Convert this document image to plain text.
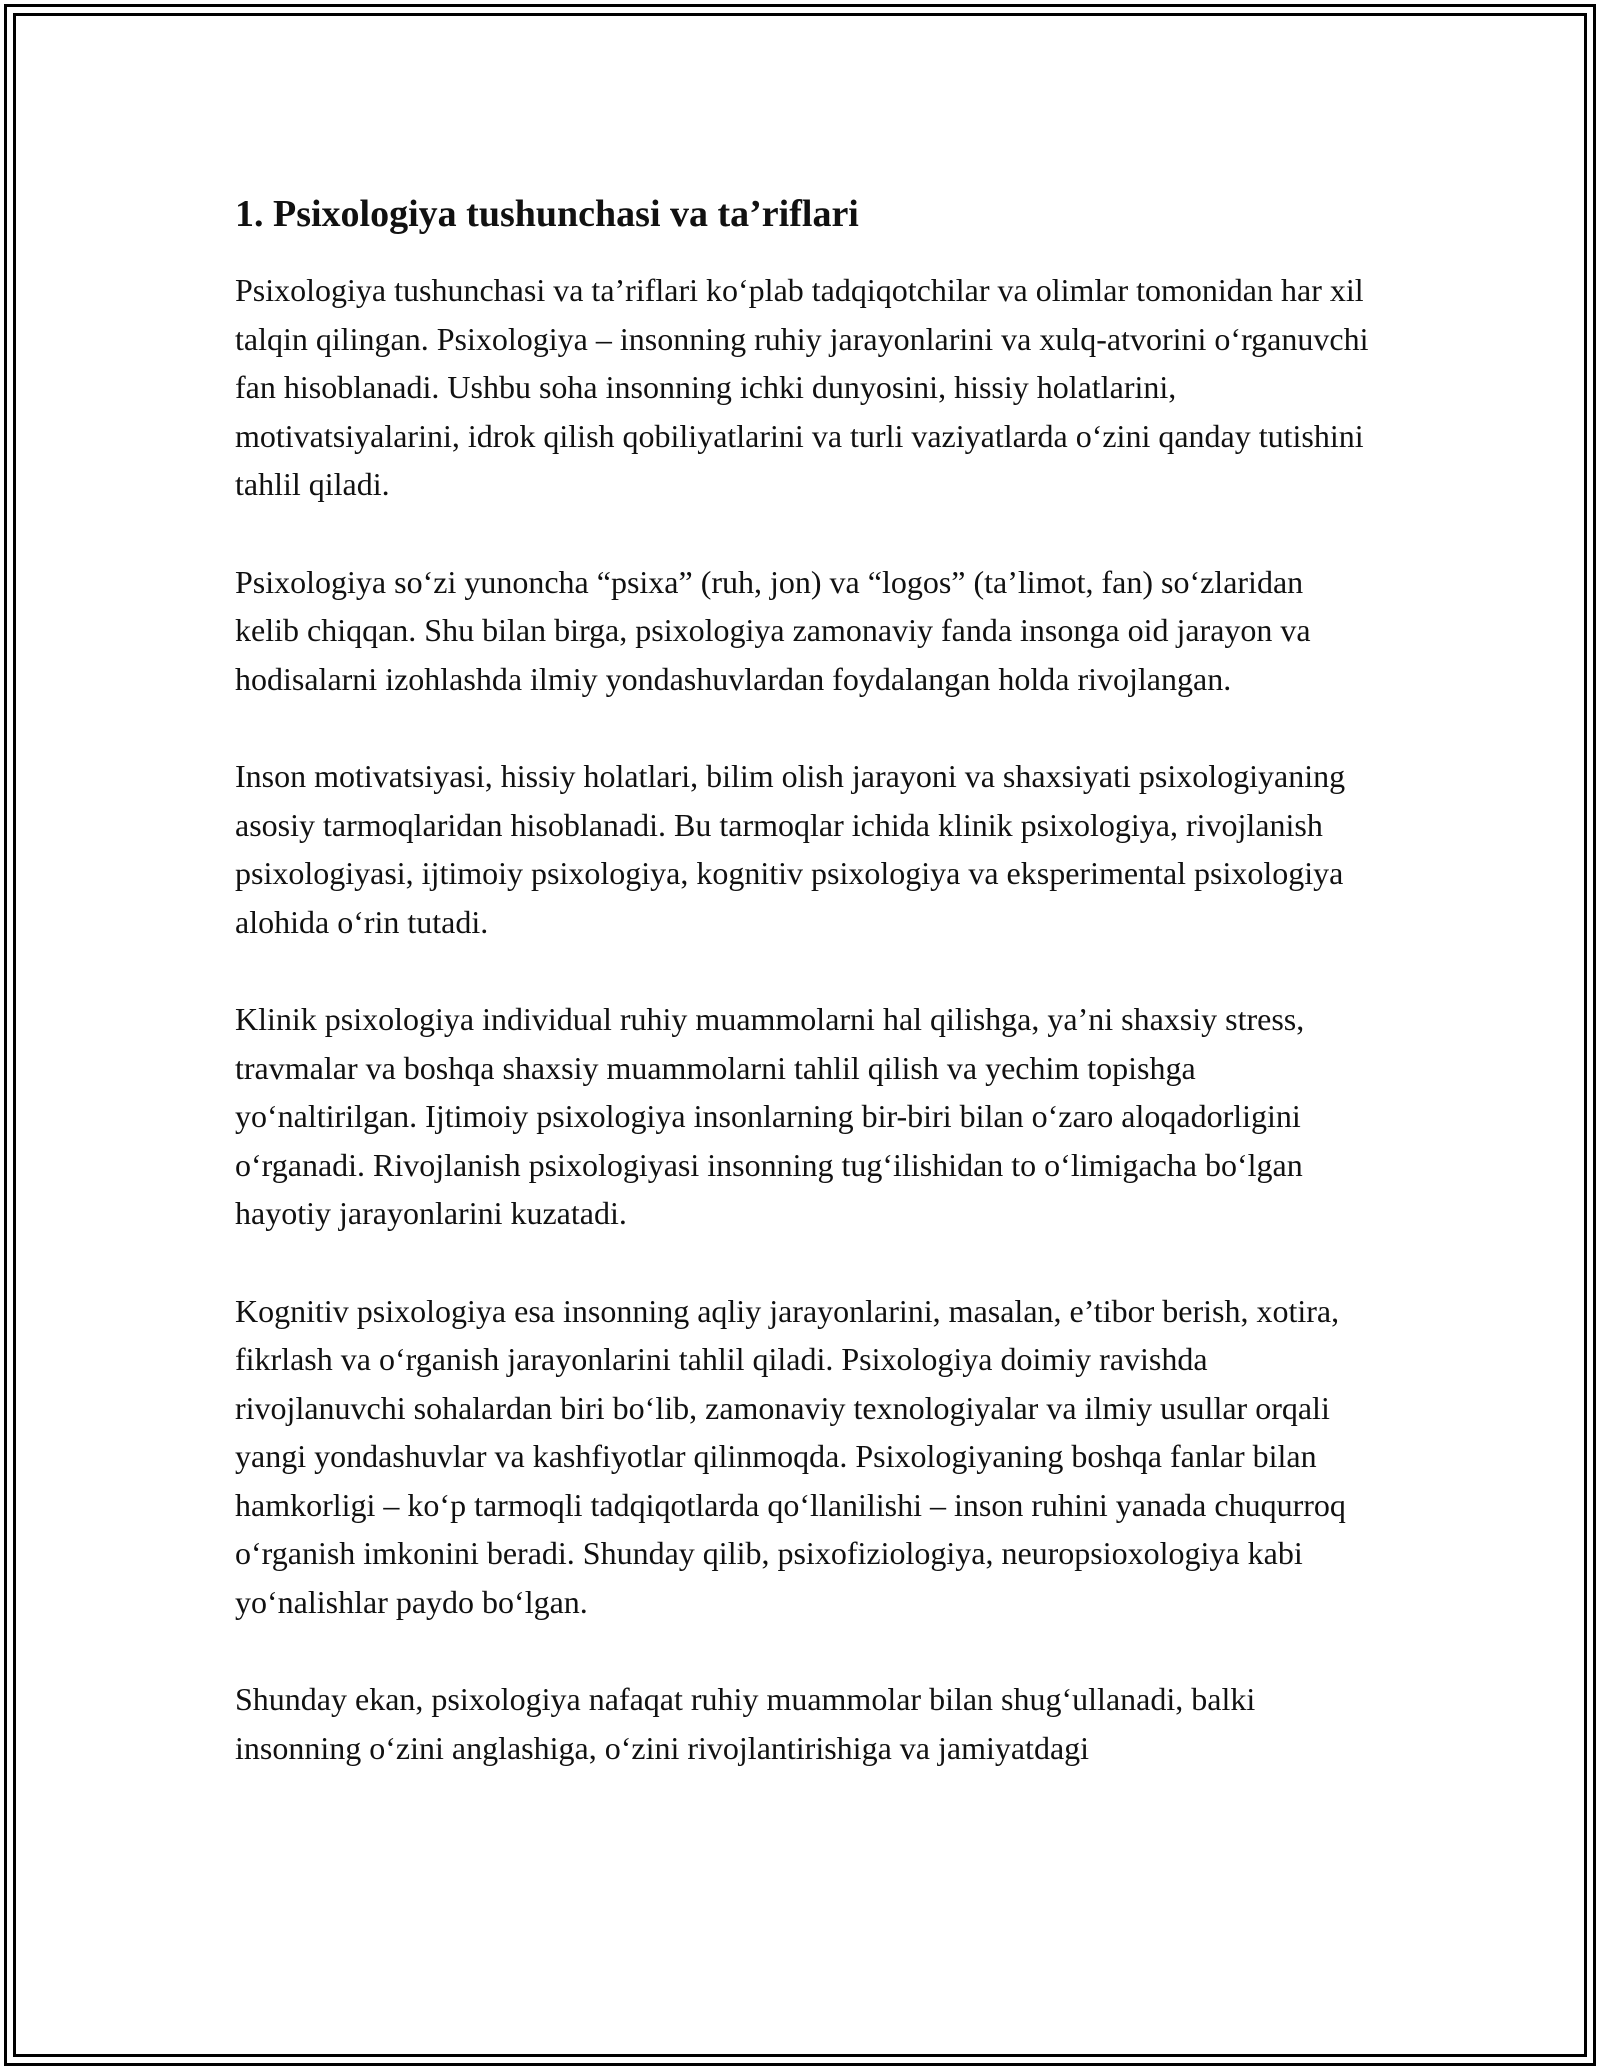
1. Psixologiya tushunchasi va ta’riflari

Psixologiya tushunchasi va ta’riflari ko‘plab tadqiqotchilar va olimlar tomonidan har xil talqin qilingan. Psixologiya – insonning ruhiy jarayonlarini va xulq-atvorini o‘rganuvchi fan hisoblanadi. Ushbu soha insonning ichki dunyosini, hissiy holatlarini, motivatsiyalarini, idrok qilish qobiliyatlarini va turli vaziyatlarda o‘zini qanday tutishini tahlil qiladi.

Psixologiya so‘zi yunoncha “psixa” (ruh, jon) va “logos” (ta’limot, fan) so‘zlaridan kelib chiqqan. Shu bilan birga, psixologiya zamonaviy fanda insonga oid jarayon va hodisalarni izohlashda ilmiy yondashuvlardan foydalangan holda rivojlangan.

Inson motivatsiyasi, hissiy holatlari, bilim olish jarayoni va shaxsiyati psixologiyaning asosiy tarmoqlaridan hisoblanadi. Bu tarmoqlar ichida klinik psixologiya, rivojlanish psixologiyasi, ijtimoiy psixologiya, kognitiv psixologiya va eksperimental psixologiya alohida o‘rin tutadi.

Klinik psixologiya individual ruhiy muammolarni hal qilishga, ya’ni shaxsiy stress, travmalar va boshqa shaxsiy muammolarni tahlil qilish va yechim topishga yo‘naltirilgan. Ijtimoiy psixologiya insonlarning bir-biri bilan o‘zaro aloqadorligini o‘rganadi. Rivojlanish psixologiyasi insonning tug‘ilishidan to o‘limigacha bo‘lgan hayotiy jarayonlarini kuzatadi.

Kognitiv psixologiya esa insonning aqliy jarayonlarini, masalan, e’tibor berish, xotira, fikrlash va o‘rganish jarayonlarini tahlil qiladi. Psixologiya doimiy ravishda rivojlanuvchi sohalardan biri bo‘lib, zamonaviy texnologiyalar va ilmiy usullar orqali yangi yondashuvlar va kashfiyotlar qilinmoqda. Psixologiyaning boshqa fanlar bilan hamkorligi – ko‘p tarmoqli tadqiqotlarda qo‘llanilishi – inson ruhini yanada chuqurroq o‘rganish imkonini beradi. Shunday qilib, psixofiziologiya, neuropsioxologiya kabi yo‘nalishlar paydo bo‘lgan.

Shunday ekan, psixologiya nafaqat ruhiy muammolar bilan shug‘ullanadi, balki insonning o‘zini anglashiga, o‘zini rivojlantirishiga va jamiyatdagi
